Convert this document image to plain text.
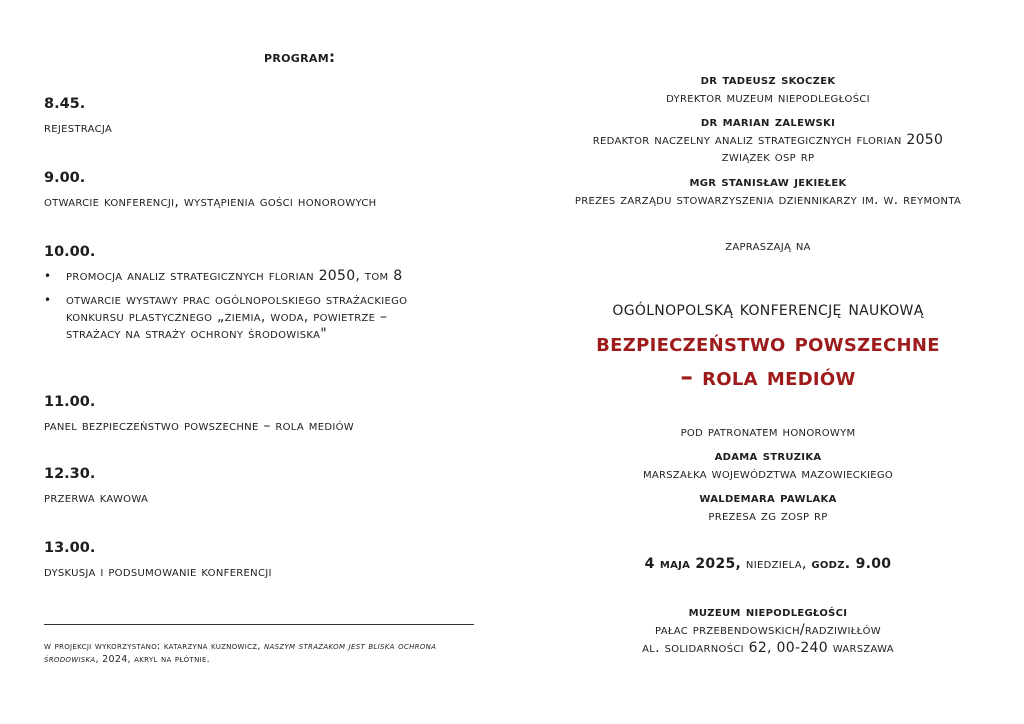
program:
8.45.
rejestracja
9.00.
otwarcie konferencji, wystąpienia gości honorowych
10.00.
• promocja analiz strategicznych florian 2050, tom 8
• otwarcie wystawy prac ogólnopolskiego strażackiego konkursu plastycznego „ziemia, woda, powietrze – strażacy na straży ochrony środowiska"
11.00.
panel bezpieczeństwo powszechne – rola mediów
12.30.
przerwa kawowa
13.00.
dyskusja i podsumowanie konferencji
w projekcji wykorzystano: katarzyna kuznowicz, naszym strażakom jest bliska ochrona środowiska, 2024, akryl na płótnie.
dr tadeusz skoczek
dyrektor muzeum niepodległości
dr marian zalewski
redaktor naczelny analiz strategicznych florian 2050
związek osp rp
mgr stanisław jekiełek
prezes zarządu stowarzyszenia dziennikarzy im. w. reymonta
zapraszają na
ogólnopolską konferencję naukową
bezpieczeństwo powszechne
– rola mediów
pod patronatem honorowym
adama struzika
marszałka województwa mazowieckiego
waldemara pawlaka
prezesa zg zosp rp
4 maja 2025, niedziela, godz. 9.00
muzeum niepodległości
pałac przebendowskich/radziwiłłów
al. solidarności 62, 00-240 warszawa
